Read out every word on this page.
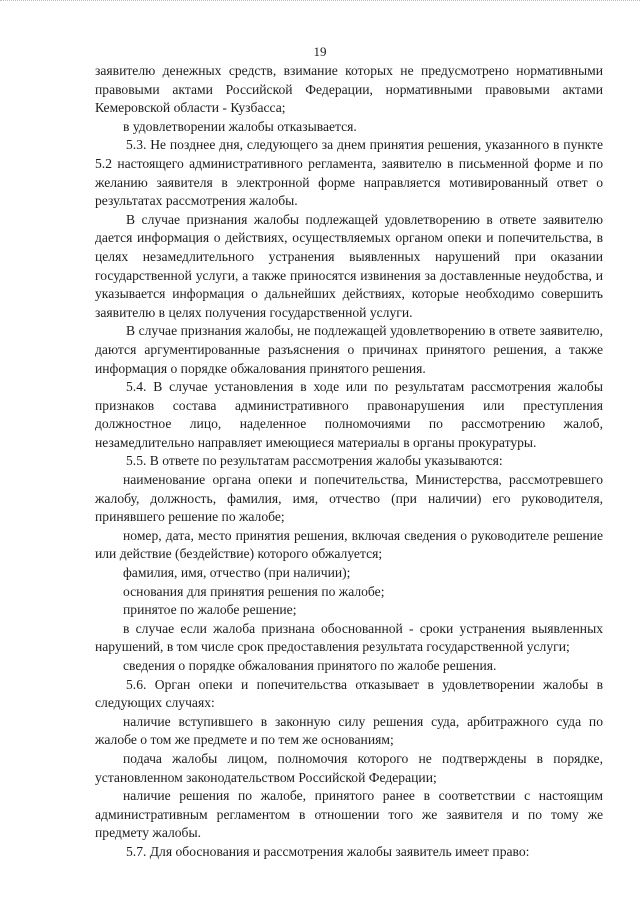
19

заявителю денежных средств, взимание которых не предусмотрено нормативными правовыми актами Российской Федерации, нормативными правовыми актами Кемеровской области - Кузбасса;

в удовлетворении жалобы отказывается.

5.3. Не позднее дня, следующего за днем принятия решения, указанного в пункте 5.2 настоящего административного регламента, заявителю в письменной форме и по желанию заявителя в электронной форме направляется мотивированный ответ о результатах рассмотрения жалобы.

В случае признания жалобы подлежащей удовлетворению в ответе заявителю дается информация о действиях, осуществляемых органом опеки и попечительства, в целях незамедлительного устранения выявленных нарушений при оказании государственной услуги, а также приносятся извинения за доставленные неудобства, и указывается информация о дальнейших действиях, которые необходимо совершить заявителю в целях получения государственной услуги.

В случае признания жалобы, не подлежащей удовлетворению в ответе заявителю, даются аргументированные разъяснения о причинах принятого решения, а также информация о порядке обжалования принятого решения.

5.4. В случае установления в ходе или по результатам рассмотрения жалобы признаков состава административного правонарушения или преступления должностное лицо, наделенное полномочиями по рассмотрению жалоб, незамедлительно направляет имеющиеся материалы в органы прокуратуры.

5.5. В ответе по результатам рассмотрения жалобы указываются:

наименование органа опеки и попечительства, Министерства, рассмотревшего жалобу, должность, фамилия, имя, отчество (при наличии) его руководителя, принявшего решение по жалобе;

номер, дата, место принятия решения, включая сведения о руководителе решение или действие (бездействие) которого обжалуется;

фамилия, имя, отчество (при наличии);

основания для принятия решения по жалобе;

принятое по жалобе решение;

в случае если жалоба признана обоснованной - сроки устранения выявленных нарушений, в том числе срок предоставления результата государственной услуги;

сведения о порядке обжалования принятого по жалобе решения.

5.6. Орган опеки и попечительства отказывает в удовлетворении жалобы в следующих случаях:

наличие вступившего в законную силу решения суда, арбитражного суда по жалобе о том же предмете и по тем же основаниям;

подача жалобы лицом, полномочия которого не подтверждены в порядке, установленном законодательством Российской Федерации;

наличие решения по жалобе, принятого ранее в соответствии с настоящим административным регламентом в отношении того же заявителя и по тому же предмету жалобы.

5.7. Для обоснования и рассмотрения жалобы заявитель имеет право:
